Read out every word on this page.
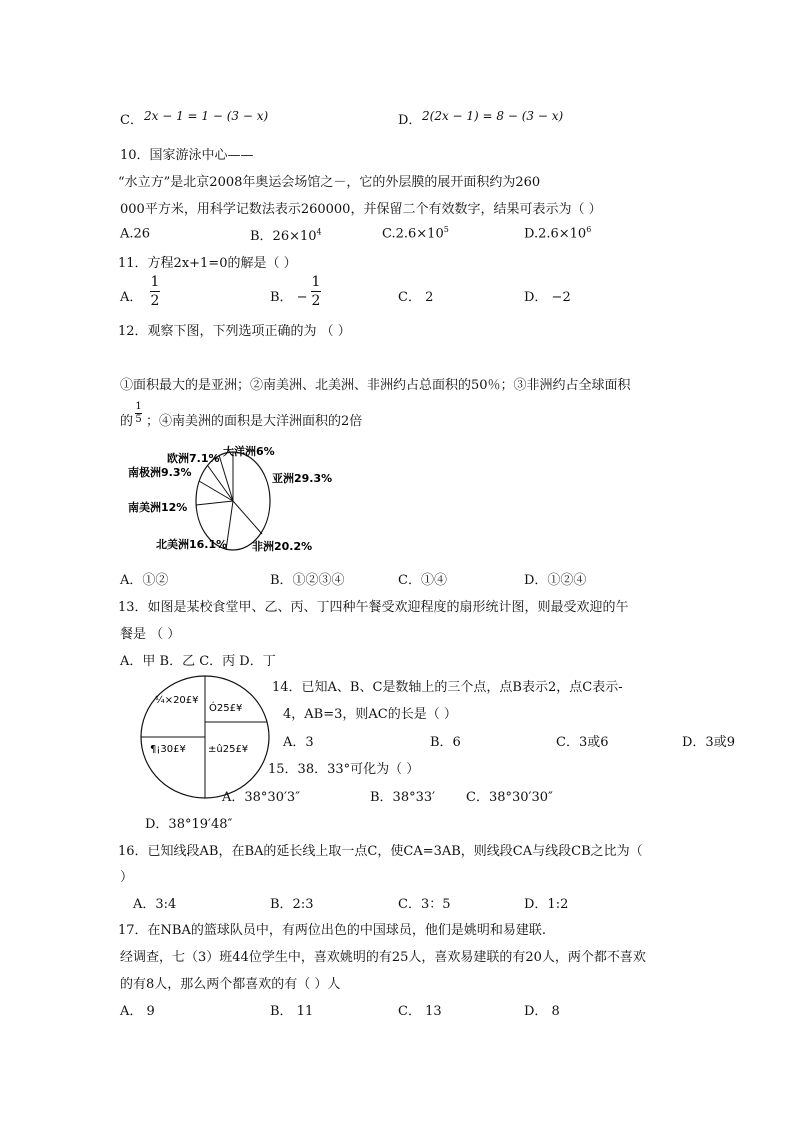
C． 2x − 1 = 1 − (3 − x)	D． 2(2x − 1) = 8 − (3 − x)
10．国家游泳中心——
“水立方”是北京2008年奥运会场馆之－，它的外层膜的展开面积约为260
000平方米，用科学记数法表示260000，并保留二个有效数字，结果可表示为（ ）
A.26	B．$26\times 10^4$	$C.2.6\times 10^5$	$D.2.6\times 10^6$
11．方程2x+1=0的解是（ ）
A．
1
2	B． −
1
2	C． 2	D． −2
12．观察下图，下列选项正确的为 （ ）
①面积最大的是亚洲；②南美洲、北美洲、非洲约占总面积的50％；③非洲约占全球面积
的
1
5 ；④南美洲的面积是大洋洲面积的2倍
大洋洲6%
欧洲7.1%
南极洲9.3%	亚洲29.3%
南美洲12%
北美洲16.1% 非洲20.2%
A．①②	B．①②③④	C．①④	D．①②④
13．如图是某校食堂甲、乙、丙、丁四种午餐受欢迎程度的扇形统计图，则最受欢迎的午
餐是 （ ）
A．甲 B．乙 C．丙 D．丁
¼×20£¥
Ó25£¥
¶¡30£¥ ±û25£¥
14．已知A、B、C是数轴上的三个点，点B表示2，点C表示-
4，AB=3，则AC的长是（ ）
A．3	B．6	C．3或6	D．3或9
15．38．33°可化为（ ）
A．38°30′3″	B．38°33′ C．38°30′30″
D．38°19′48″
16．已知线段AB，在BA的延长线上取一点C，使CA=3AB，则线段CA与线段CB之比为（
）
A．3:4	B．2:3	C．3：5	D．1:2
17．在NBA的篮球队员中，有两位出色的中国球员，他们是姚明和易建联.
经调查，七（3）班44位学生中，喜欢姚明的有25人，喜欢易建联的有20人，两个都不喜欢
的有8人，那么两个都喜欢的有（ ）人
A． 9	B． 11	C． 13	D． 8
